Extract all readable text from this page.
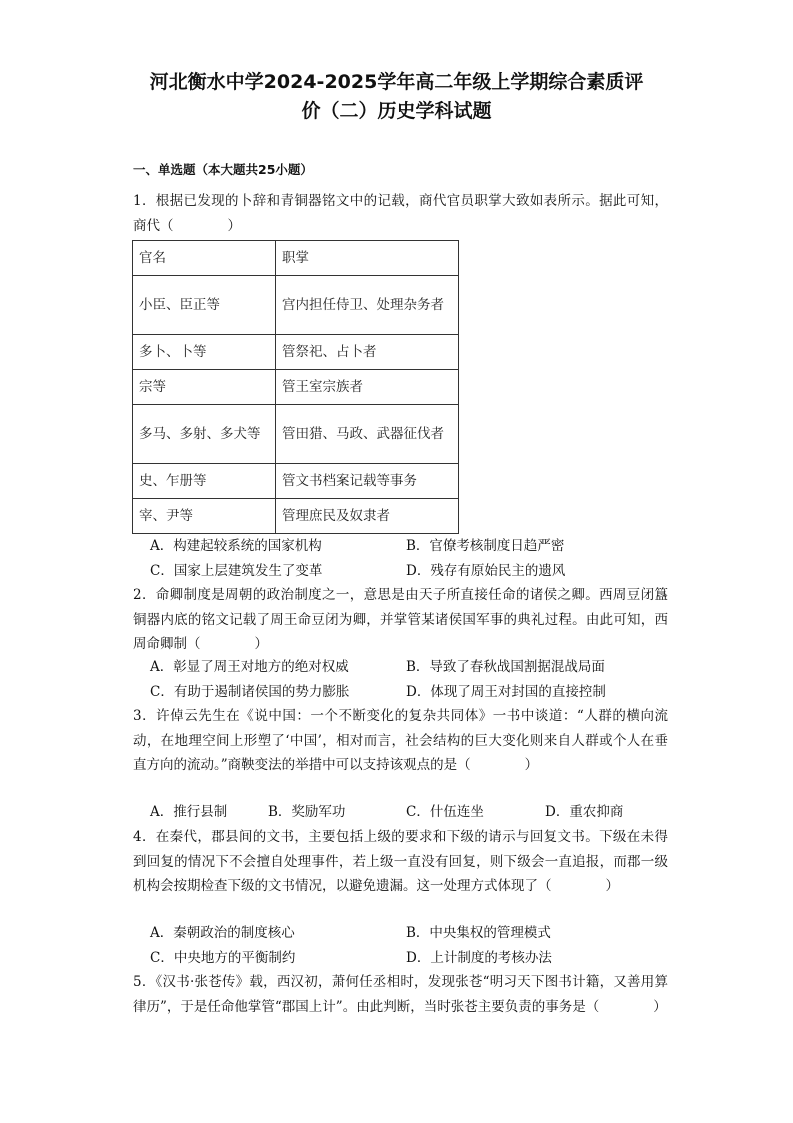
河北衡水中学2024-2025学年高二年级上学期综合素质评
价（二）历史学科试题
一、单选题（本大题共25小题）

1．根据已发现的卜辞和青铜器铭文中的记载，商代官员职掌大致如表所示。据此可知，商代（　　　　）

官名	职掌
小臣、臣正等	宫内担任侍卫、处理杂务者
多卜、卜等	管祭祀、占卜者
宗等	管王室宗族者
多马、多射、多犬等	管田猎、马政、武器征伐者
史、乍册等	管文书档案记载等事务
宰、尹等	管理庶民及奴隶者
A．构建起较系统的国家机构	B．官僚考核制度日趋严密
C．国家上层建筑发生了变革	D．残存有原始民主的遗风

2．命卿制度是周朝的政治制度之一，意思是由天子所直接任命的诸侯之卿。西周豆闭簋铜器内底的铭文记载了周王命豆闭为卿，并掌管某诸侯国军事的典礼过程。由此可知，西周命卿制（　　　　）

A．彰显了周王对地方的绝对权威	B．导致了春秋战国割据混战局面
C．有助于遏制诸侯国的势力膨胀	D．体现了周王对封国的直接控制

3．许倬云先生在《说中国：一个不断变化的复杂共同体》一书中谈道：“人群的横向流动，在地理空间上形塑了‘中国’，相对而言，社会结构的巨大变化则来自人群或个人在垂直方向的流动。”商鞅变法的举措中可以支持该观点的是（　　　　）

A．推行县制	B．奖励军功	C．什伍连坐	D．重农抑商

4．在秦代，郡县间的文书，主要包括上级的要求和下级的请示与回复文书。下级在未得到回复的情况下不会擅自处理事件，若上级一直没有回复，则下级会一直追报，而郡一级机构会按期检查下级的文书情况，以避免遗漏。这一处理方式体现了（　　　　）

A．秦朝政治的制度核心	B．中央集权的管理模式
C．中央地方的平衡制约	D．上计制度的考核办法

5．《汉书·张苍传》载，西汉初，萧何任丞相时，发现张苍“明习天下图书计籍，又善用算律历”，于是任命他掌管“郡国上计”。由此判断，当时张苍主要负责的事务是（　　　　）
